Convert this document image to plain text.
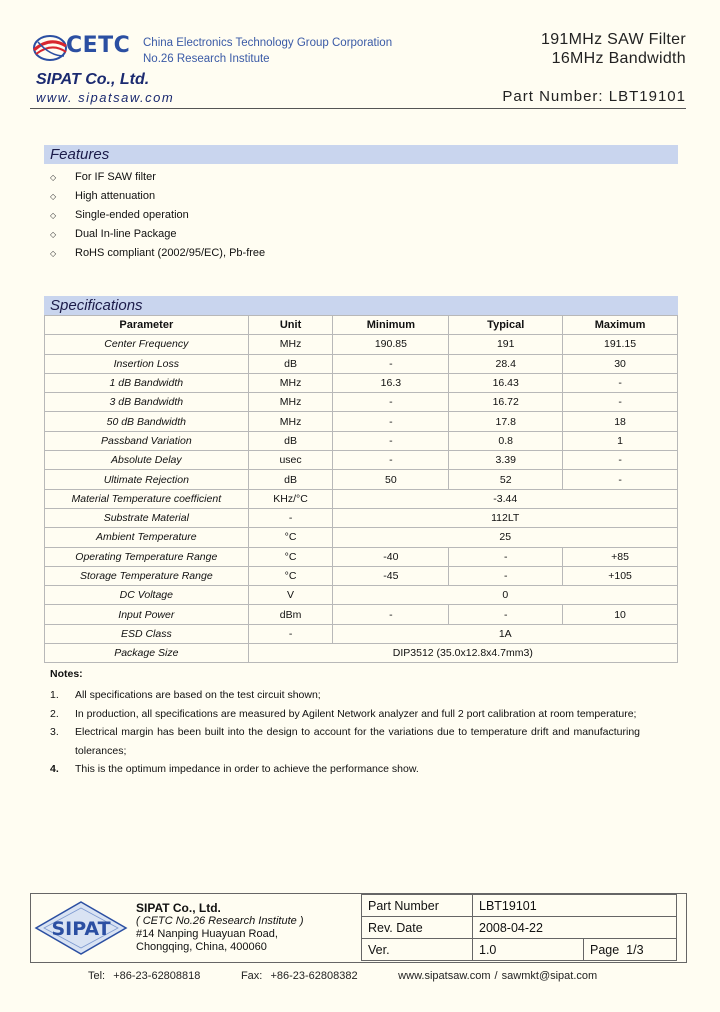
CETC China Electronics Technology Group Corporation
No.26 Research Institute
191MHz SAW Filter
16MHz Bandwidth
SIPAT Co., Ltd.
www. sipatsaw.com	Part Number: LBT19101
Features
◇ For IF SAW filter
◇ High attenuation
◇ Single-ended operation
◇ Dual In-line Package
◇ RoHS compliant (2002/95/EC), Pb-free
Specifications
Parameter	Unit	Minimum	Typical	Maximum
Center Frequency	MHz	190.85	191	191.15
Insertion Loss	dB	-	28.4	30
1 dB Bandwidth	MHz	16.3	16.43	-
3 dB Bandwidth	MHz	-	16.72	-
50 dB Bandwidth	MHz	-	17.8	18
Passband Variation	dB	-	0.8	1
Absolute Delay	usec	-	3.39	-
Ultimate Rejection	dB	50	52	-
Material Temperature coefficient	KHz/°C	-3.44		
Substrate Material	-	112LT		
Ambient Temperature	°C	25		
Operating Temperature Range	°C	-40	-	+85
Storage Temperature Range	°C	-45	-	+105
DC Voltage	V	0		
Input Power	dBm	-	-	10
ESD Class	-	1A		
Package Size	DIP3512 (35.0x12.8x4.7mm3)			
Notes:
1. All specifications are based on the test circuit shown;
2. In production, all specifications are measured by Agilent Network analyzer and full 2 port calibration at room temperature;
3. Electrical margin has been built into the design to account for the variations due to temperature drift and manufacturing tolerances;
4. This is the optimum impedance in order to achieve the performance show.
SIPAT
SIPAT Co., Ltd.
( CETC No.26 Research Institute )
#14 Nanping Huayuan Road,
Chongqing, China, 400060
Part Number	LBT19101	
Rev. Date	2008-04-22	
Ver.	1.0	Page 1/3
Tel:  +86-23-62808818          Fax:  +86-23-62808382          www.sipatsaw.com / sawmkt@sipat.com
